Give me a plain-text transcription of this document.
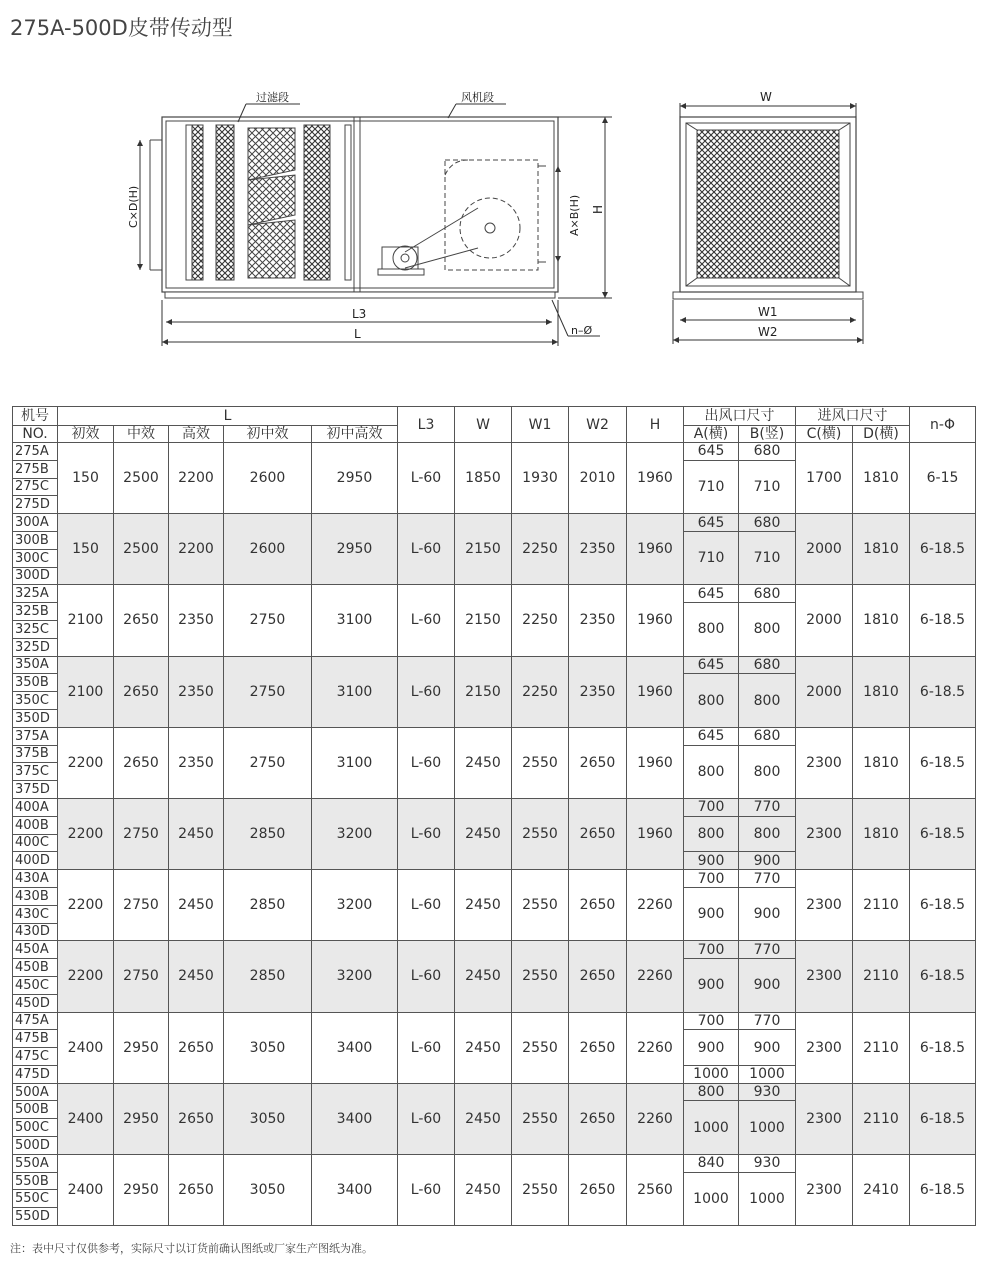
275A-500D皮带传动型
过滤段	风机段
C×D(H)	A×B(H) H
L3
L	n–Ø
W
W1
W2
机号	L					L3	W	W1	W2	H	出风口尺寸		进风口尺寸		n-Φ
NO.	初效	中效	高效	初中效	初中高效						A(横)	B(竖)	C(横)	D(横)	
275A	150	2500	2200	2600	2950	L-60	1850	1930	2010	1960	645	680	1700	1810	6-15
275B											710	710			
275C															
275D															
300A	150	2500	2200	2600	2950	L-60	2150	2250	2350	1960	645	680	2000	1810	6-18.5
300B											710	710			
300C															
300D															
325A	2100	2650	2350	2750	3100	L-60	2150	2250	2350	1960	645	680	2000	1810	6-18.5
325B											800	800			
325C															
325D															
350A	2100	2650	2350	2750	3100	L-60	2150	2250	2350	1960	645	680	2000	1810	6-18.5
350B											800	800			
350C															
350D															
375A	2200	2650	2350	2750	3100	L-60	2450	2550	2650	1960	645	680	2300	1810	6-18.5
375B											800	800			
375C															
375D															
400A	2200	2750	2450	2850	3200	L-60	2450	2550	2650	1960	700	770	2300	1810	6-18.5
400B											800	800			
400C															
400D											900	900			
430A	2200	2750	2450	2850	3200	L-60	2450	2550	2650	2260	700	770	2300	2110	6-18.5
430B											900	900			
430C															
430D															
450A	2200	2750	2450	2850	3200	L-60	2450	2550	2650	2260	700	770	2300	2110	6-18.5
450B											900	900			
450C															
450D															
475A	2400	2950	2650	3050	3400	L-60	2450	2550	2650	2260	700	770	2300	2110	6-18.5
475B											900	900			
475C															
475D											1000	1000			
500A	2400	2950	2650	3050	3400	L-60	2450	2550	2650	2260	800	930	2300	2110	6-18.5
500B											1000	1000			
500C															
500D															
550A	2400	2950	2650	3050	3400	L-60	2450	2550	2650	2560	840	930	2300	2410	6-18.5
550B											1000	1000			
550C															
550D															
注：表中尺寸仅供参考，实际尺寸以订货前确认图纸或厂家生产图纸为准。
